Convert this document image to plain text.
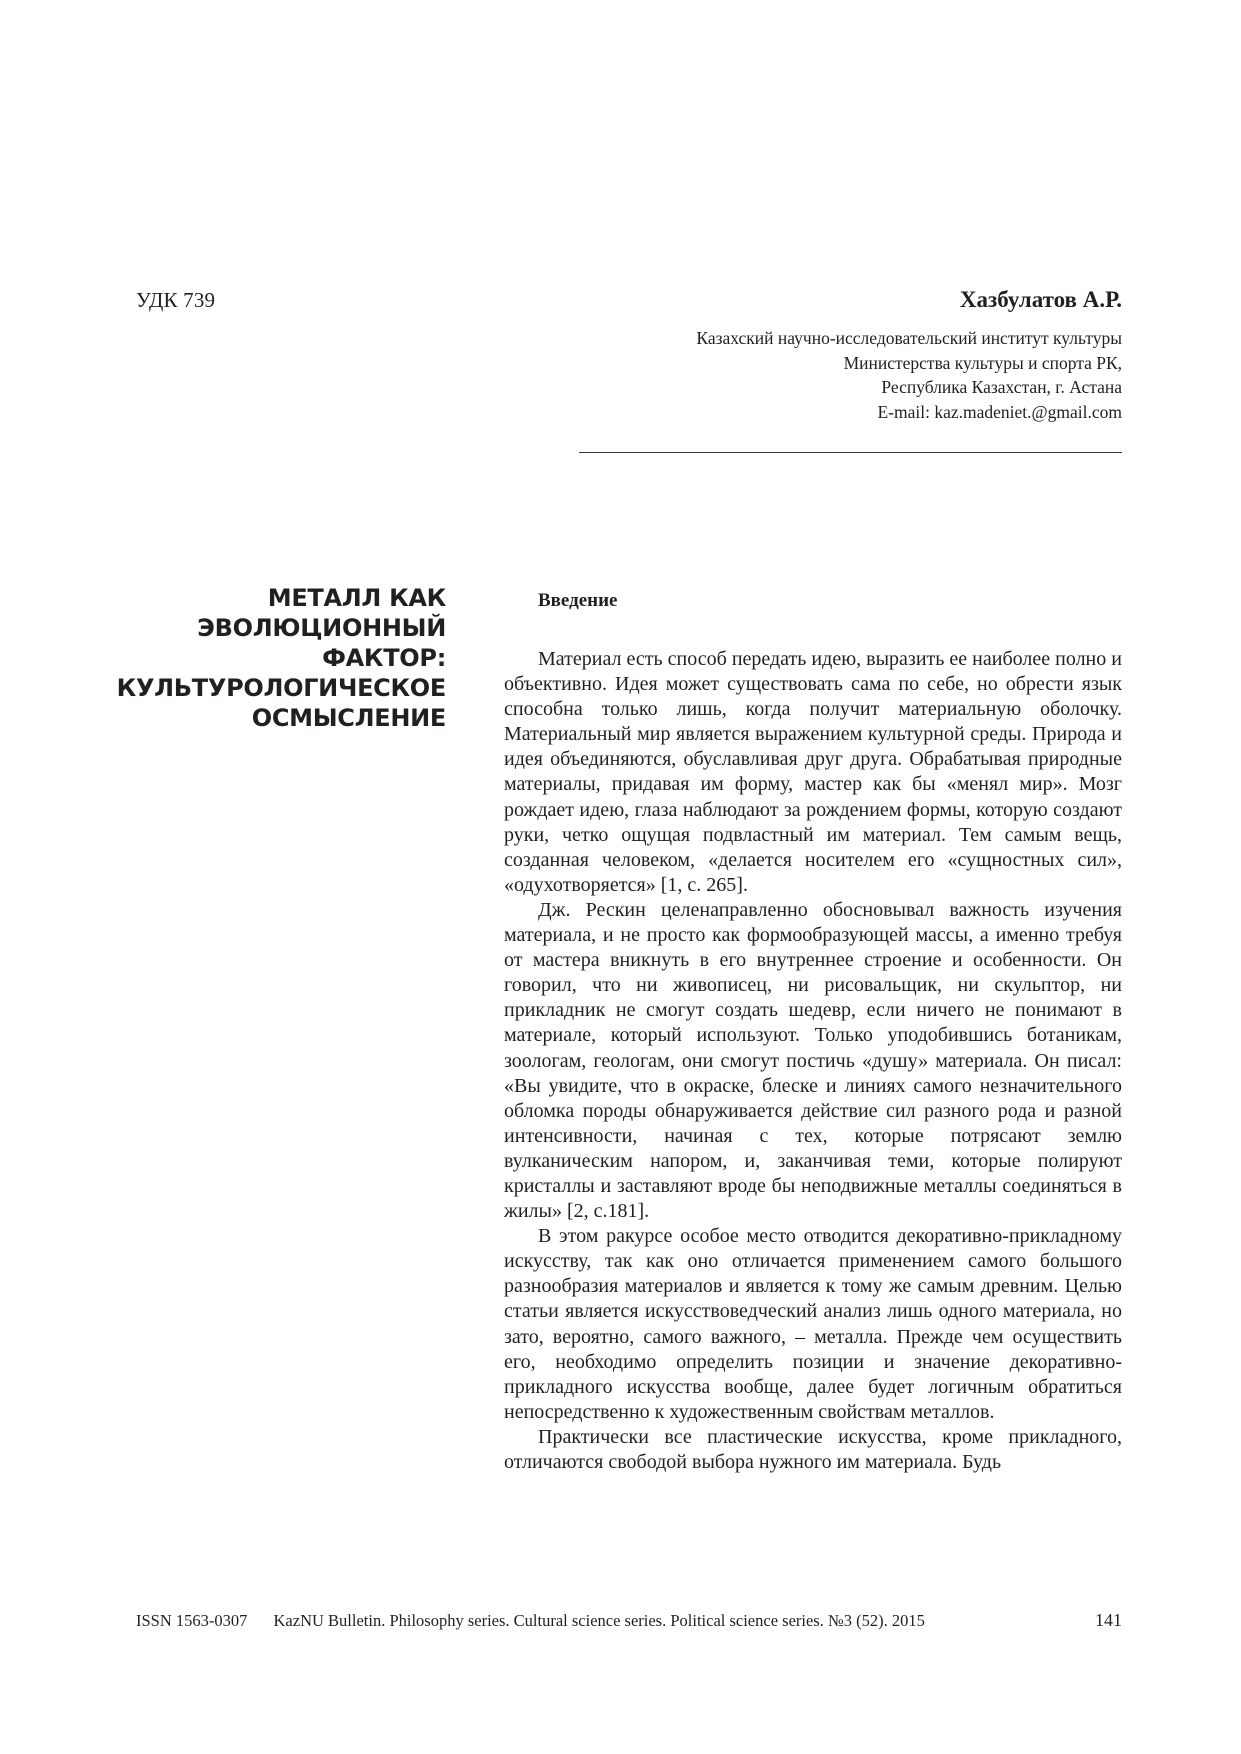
УДК 739	Хазбулатов А.Р.
Казахский научно-исследовательский институт культуры
Министерства культуры и спорта РК,
Республика Казахстан, г. Астана
E-mail: kaz.madeniet.@gmail.com
МЕТАЛЛ КАК
ЭВОЛЮЦИОННЫЙ
ФАКТОР:
КУЛЬТУРОЛОГИЧЕСКОЕ
ОСМЫСЛЕНИЕ

Введение

Материал есть способ передать идею, выразить ее наиболее полно и объективно. Идея может существовать сама по себе, но обрести язык способна только лишь, когда получит материальную оболочку. Материальный мир является выражением культурной среды. Природа и идея объединяются, обуславливая друг друга. Обрабатывая природные материалы, придавая им форму, мастер как бы «менял мир». Мозг рождает идею, глаза наблюдают за рождением формы, которую создают руки, четко ощущая подвластный им материал. Тем самым вещь, созданная человеком, «делается носителем его «сущностных сил», «одухотворяется» [1, с. 265].

Дж. Рескин целенаправленно обосновывал важность изучения материала, и не просто как формообразующей массы, а именно требуя от мастера вникнуть в его внутреннее строение и особенности. Он говорил, что ни живописец, ни рисовальщик, ни скульптор, ни прикладник не смогут создать шедевр, если ничего не понимают в материале, который используют. Только уподобившись ботаникам, зоологам, геологам, они смогут постичь «душу» материала. Он писал: «Вы увидите, что в окраске, блеске и линиях самого незначительного обломка породы обнаруживается действие сил разного рода и разной интенсивности, начиная с тех, которые потрясают землю вулканическим напором, и, заканчивая теми, которые полируют кристаллы и заставляют вроде бы неподвижные металлы соединяться в жилы» [2, с.181].

В этом ракурсе особое место отводится декоративно-прикладному искусству, так как оно отличается применением самого большого разнообразия материалов и является к тому же самым древним. Целью статьи является искусствоведческий анализ лишь одного материала, но зато, вероятно, самого важного, – металла. Прежде чем осуществить его, необходимо определить позиции и значение декоративно-прикладного искусства вообще, далее будет логичным обратиться непосредственно к художественным свойствам металлов.

Практически все пластические искусства, кроме прикладного, отличаются свободой выбора нужного им материала. Будь

ISSN 1563-0307 KazNU Bulletin. Philosophy series. Cultural science series. Political science series. №3 (52). 2015	141
